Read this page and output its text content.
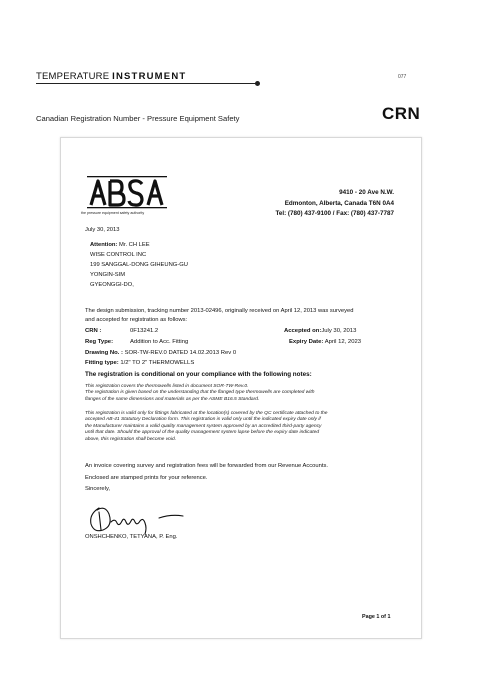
TEMPERATURE INSTRUMENT	077
Canadian Registration Number - Pressure Equipment Safety	CRN
the pressure equipment safety authority
9410 - 20 Ave N.W.
Edmonton, Alberta, Canada T6N 0A4
Tel: (780) 437-9100 / Fax: (780) 437-7787
July 30, 2013
Attention: Mr. CH LEE
WISE CONTROL INC
199 SANGGAL-DONG GIHEUNG-GU
YONGIN-SIM
GYEONGGI-DO,
The design submission, tracking number 2013-02496, originally received on April 12, 2013 was surveyed
and accepted for registration as follows:
CRN :	0F13241.2	Accepted on:July 30, 2013
Reg Type:	Addition to Acc. Fitting	Expiry Date: April 12, 2023
Drawing No. : SOR-TW-REV.0 DATED 14.02.2013 Rev 0
Fitting type: 1/2" TO 2" THERMOWELLS
The registration is conditional on your compliance with the following notes:
This registration covers the thermowells listed in document SOR-TW-Rev.0.
The registration is given based on the understanding that the flanged type thermowells are completed with
flanges of the same dimensions and materials as per the ASME B16.5 Standard.
This registration is valid only for fittings fabricated at the location(s) covered by the QC certificate attached to the
accepted AB-41 Statutory Declaration form. This registration is valid only until the indicated expiry date only if
the Manufacturer maintains a valid quality management system approved by an accredited third-party agency
until that date. Should the approval of the quality management system lapse before the expiry date indicated
above, this registration shall become void.
An invoice covering survey and registration fees will be forwarded from our Revenue Accounts.
Enclosed are stamped prints for your reference.
Sincerely,
ONSHCHENKO, TETYANA, P. Eng.
Page 1 of 1
